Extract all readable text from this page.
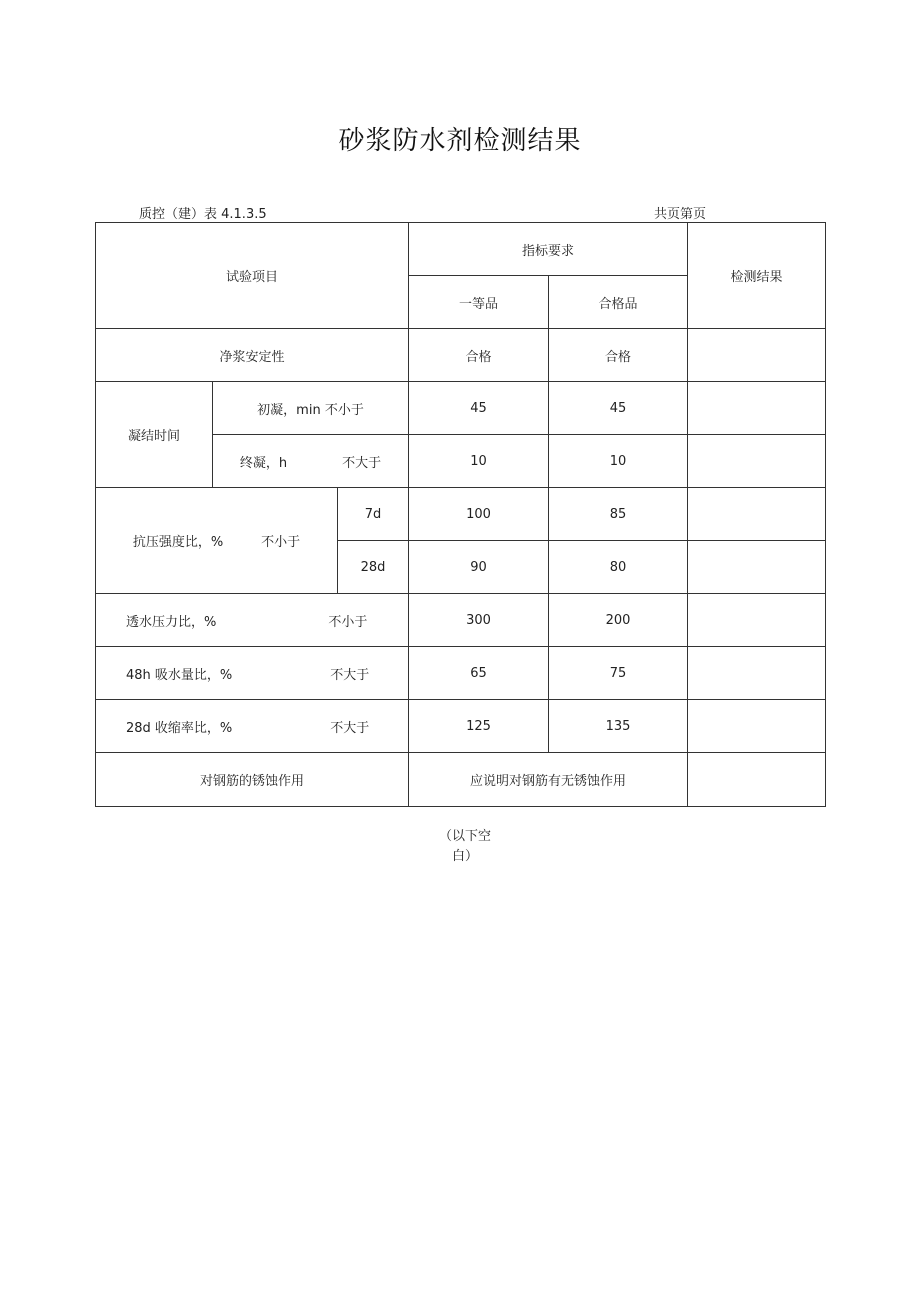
砂浆防水剂检测结果
质控（建）表 4.1.3.5	共页第页
试验项目			指标要求		检测结果
			一等品	合格品	
净浆安定性			合格	合格	
凝结时间	初凝，min 不小于		45	45	
	终凝，h 不大于		10	10	
抗压强度比，% 不小于		7d	100	85	
		28d	90	80	
透水压力比，% 不小于			300	200	
48h 吸水量比，% 不大于			65	75	
28d 收缩率比，% 不大于			125	135	
对钢筋的锈蚀作用			应说明对钢筋有无锈蚀作用		
（以下空
白）
